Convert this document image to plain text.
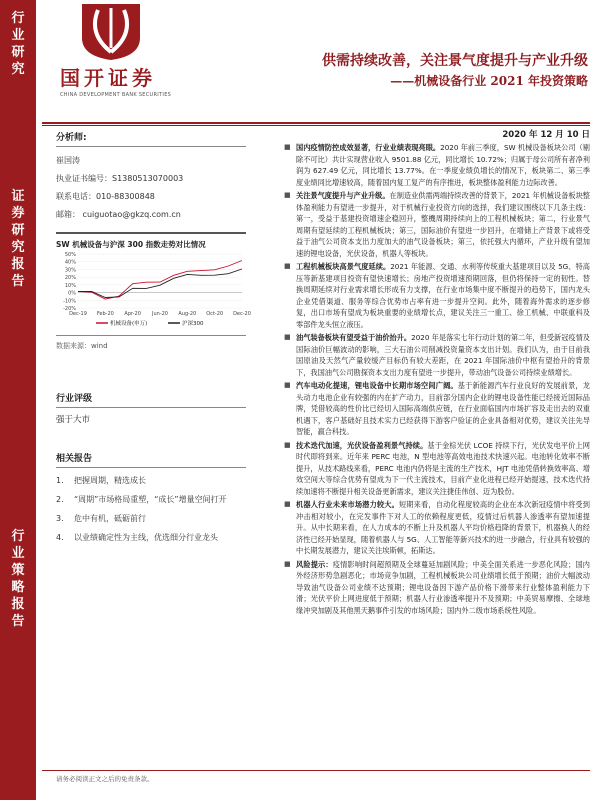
行
业
研
究
证
券
研
究
报
告
行
业
策
略
报
告
国开证券
CHINA DEVELOPMENT BANK SECURITIES
供需持续改善，关注景气度提升与产业升级
——机械设备行业 2021 年投资策略
分析师:
崔国涛
执业证书编号：S1380513070003
联系电话：010-88300848
邮箱： cuiguotao@gkzq.com.cn
SW 机械设备与沪深 300 指数走势对比情况
50%
40%
30%
20%
10%
0%
-10%
-20%
Dec-19 Feb-20 Apr-20 Jun-20 Aug-20 Oct-20 Dec-20
机械设备(申万)	沪深300
数据来源：wind
行业评级
强于大市
相关报告
1.	把握周期，精选成长
2.	“周期”市场格局重塑，“成长”增量空间打开
3.	危中有机，砥砺前行
4.	以业绩确定性为主线，优选细分行业龙头
2020 年 12 月 10 日
■ 国内疫情防控成效显著，行业业绩表现亮眼。2020 年前三季度，SW 机械设备板块公司（剔除不可比）共计实现营业收入 9501.88 亿元，同比增长 10.72%；归属于母公司所有者净利润为 627.49 亿元，同比增长 13.77%。在一季度业绩负增长的情况下，板块第二、第三季度业绩同比增速较高，随着国内复工复产的有序推进，板块整体盈利能力边际改善。
■ 关注景气度提升与产业升级。在制造业供需两端持续改善的背景下，2021 年机械设备板块整体盈利能力有望进一步提升，对于机械行业投资方向的选择，我们建议围绕以下几条主线：第一，受益于基建投资增速企稳回升，整機周期持续向上的工程机械板块；第二，行业景气周期有望延续的工程机械板块；第三，国际油价有望进一步回升，在增储上产背景下或将受益于油气公司资本支出力度加大的油气设备板块；第三，依托强大内循环，产业升级有望加速的锂电设备，光伏设备，机器人等板块。
■ 工程机械板块高景气度延续。2021 年能源、交通、水利等传统重大基建项目以及 5G、特高压等新基建项目投资有望快速增长；房地产投资增速预期回落，但仍将保持一定的韧性。替换周期延续对行业需求增长形成有力支撑，在行业市场集中度不断提升的趋势下，国内龙头企业凭借渠道、服务等综合优势市占率有进一步提升空间。此外，随着海外需求的逐步修复，出口市场有望成为板块重要的业绩增长点，建议关注三一重工、徐工机械、中联重科及零部件龙头恒立液压。
■ 油气装备板块有望受益于油价抬升。2020 年是落实七年行动计划的第二年，但受新冠疫情及国际油价巨幅波动的影响，三大石油公司削减投资量资本支出计划。我们认为，由于目前我国原油及天然气产量较缓产目标仍有较大差距，在 2021 年国际油价中枢有望抬升的背景下，我国油气公司勘探资本支出力度有望进一步提升，带动油气设备公司持续业绩增长。
■ 汽车电动化提速，锂电设备中长期市场空间广阔。基于新能源汽车行业良好的发展前景，龙头动力电池企业有较强的内在扩产动力，目前部分国内企业的锂电设备性能已经接近国际品牌，凭借较高的性价比已经切入国际高端供应链，在行业面临国内市场扩容及走出去的双重机遇下，客户基础好且技术实力已经获得下游客户验证的企业具备相对优势，建议关注先导智能，嬴合科技。
■ 技术迭代加速，光伏设备盈利景气持续。基于金棕光伏 LCOE 持续下行，光伏发电平价上网时代即将到来。近年来 PERC 电池，N 型电池等高效电池技术快速兴起。电池转化效率不断提升，从技术路线来看，PERC 电池内仍将是主流的生产技术，HJT 电池凭借转换效率高、增效空间大等综合优势有望成为下一代主流技术，目前产业化进程已经开始提速，技术迭代持续加速将不断提升相关设备更新需求，建议关注捷佳伟创、迈为股份。
■ 机器人行业未来市场潜力较大。短期来看，自动化程度较高的企业在本次新冠疫情中将受到冲击相对较小，在完发事件下对人工的依赖程度更低，疫情过后机器人渗透率有望加速提升。从中长期来看，在人力成本的不断上升及机器人平均价格趋降的背景下，机器换人的经济性已经开始显现，随着机器人与 5G、人工智能等新兴技术的进一步融合，行业具有较强的中长期发展潜力，建议关注埃斯顿，拓斯达。
■ 风险提示：疫情影响时间超预期及全球蔓延加剧风险；中美全面关系进一步恶化风险；国内外经济形势急剧恶化；市场竞争加剧，工程机械板块公司业绩增长低于预期；油价大幅波动导致油气设备公司业绩不达预期；锂电设备因下游产品价格下滑带来行业整体盈利能力下滑；光伏平价上网进度低于预期；机器人行业渗透率提升不及预期；中美贸易摩擦、全球地缘冲突加剧及其他黑天鹅事件引发的市场风险；国内外二级市场系统性风险。
请务必阅读正文之后的免责条款。
